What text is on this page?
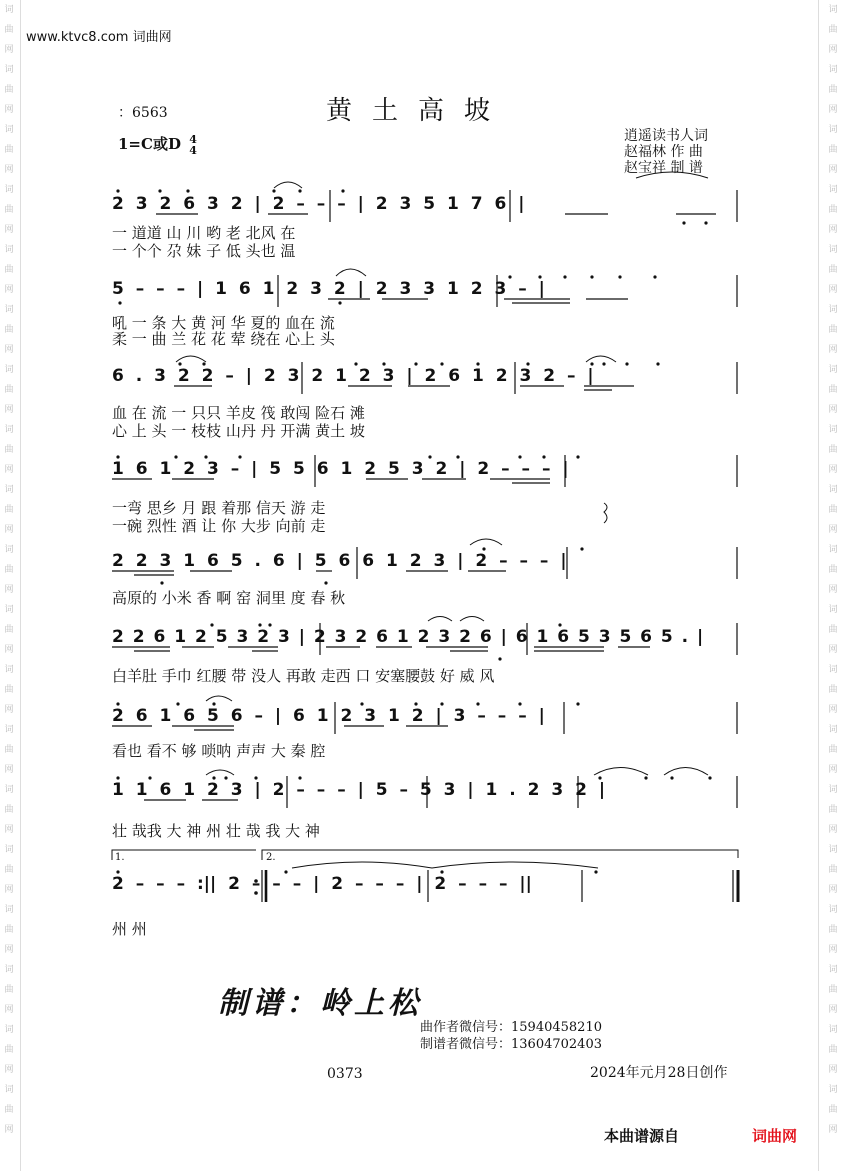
词
曲
网
词
曲
网
词
曲
网
词
曲
网
词
曲
网
词
曲
网
词
曲
网
词
曲
网
词
曲
网
词
曲
网
词
曲
网
词
曲
网
词
曲
网
词
曲
网
词
曲
网
词
曲
网
词
曲
网
词
曲
网
词
曲
网
词
曲
网
词
曲
网
词
曲
网
词
曲
网
词
曲
网
词
曲
网
词
曲
网
词
曲
网
词
曲
网
词
曲
网
词
曲
网
词
曲
网
词
曲
网
词
曲
网
词
曲
网
词
曲
网
词
曲
网
词
曲
网
词
曲
网
www.ktvc8.com 词曲网
：6563	黄土高坡
1=C或D 4
4
逍遥读书人词
赵福林 作 曲
赵宝祥 制 谱
2 3 2 6 3 2 | 2 – – – | 2 3 5 1 7 6 |
5 – – – | 1 6 1 2 3 2 | 2 3 3 1 2 3 – |
6 . 3 2 2 – | 2 3 2 1 2 3 | 2 6 1 2 3 2 – |
1 6 1 2 3 – | 5 5 6 1 2 5 3 2 | 2 – – – |
2 2 3 1 6 5 . 6 | 5 6 6 1 2 3 | 2 – – – |
2 2 6 1 2 5 3 2 3 | 2 3 2 6 1 2 3 2 6 | 6 1 6 5 3 5 6 5 . |
2 6 1 6 5 6 – | 6 1 2 3 1 2 | 3 – – – |
1 1 6 1 2 3 | 2 – – – | 5 – 5 3 | 1 . 2 3 2 |
2 – – – :|| 2 – – – | 2 – – – | 2 – – – ||
1.	2.
一 道道 山 川 哟 老 北风 在
一 个个 尕 妹 子 低 头也 温
吼 一 条 大 黄 河 华 夏的 血在 流
柔 一 曲 兰 花 花 荤 绕在 心上 头
血 在 流 一 只只 羊皮 筏 敢闯 险石 滩
心 上 头 一 枝枝 山丹 丹 开满 黄土 坡
一弯 思乡 月 跟 着那 信天 游 走
一碗 烈性 酒 让 你 大步 向前 走
高原的 小米 香 啊 窑 洞里 度 春 秋
白羊肚 手巾 红腰 带 没人 再敢 走西 口 安塞腰鼓 好 威 风
看也 看不 够 唢呐 声声 大 秦 腔
壮 哉我 大 神 州 壮 哉 我 大 神
州 州
制谱：岭上松
曲作者微信号：15940458210
制谱者微信号：13604702403
0373	2024年元月28日创作
本曲谱源自	词曲网
